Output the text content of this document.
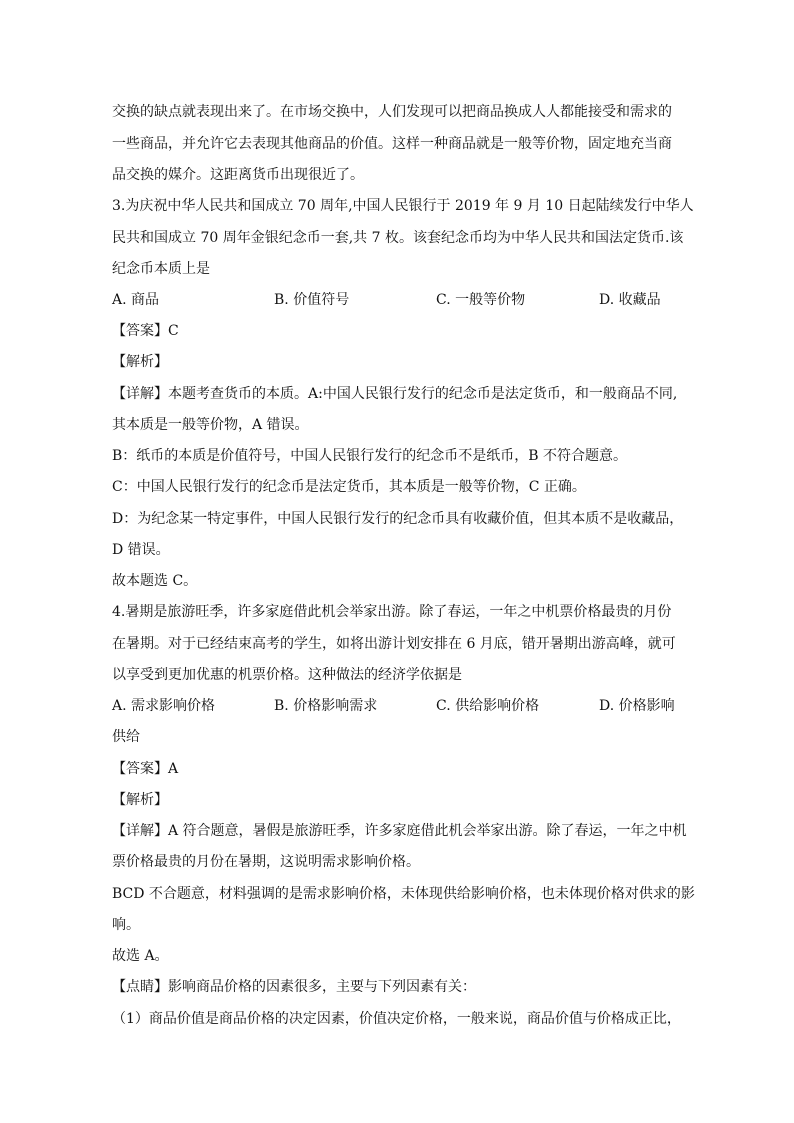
交换的缺点就表现出来了。在市场交换中，人们发现可以把商品换成人人都能接受和需求的
一些商品，并允许它去表现其他商品的价值。这样一种商品就是一般等价物，固定地充当商
品交换的媒介。这距离货币出现很近了。
3.为庆祝中华人民共和国成立 70 周年,中国人民银行于 2019 年 9 月 10 日起陆续发行中华人
民共和国成立 70 周年金银纪念币一套,共 7 枚。该套纪念币均为中华人民共和国法定货币.该
纪念币本质上是
A. 商品	B. 价值符号	C. 一般等价物	D. 收藏品
【答案】C
【解析】
【详解】本题考查货币的本质。A:中国人民银行发行的纪念币是法定货币，和一般商品不同,
其本质是一般等价物，A 错误。
B：纸币的本质是价值符号，中国人民银行发行的纪念币不是纸币，B 不符合题意。
C：中国人民银行发行的纪念币是法定货币，其本质是一般等价物，C 正确。
D：为纪念某一特定事件，中国人民银行发行的纪念币具有收藏价值，但其本质不是收藏品，
D 错误。
故本题选 C。
4.暑期是旅游旺季，许多家庭借此机会举家出游。除了春运，一年之中机票价格最贵的月份
在暑期。对于已经结束高考的学生，如将出游计划安排在 6 月底，错开暑期出游高峰，就可
以享受到更加优惠的机票价格。这种做法的经济学依据是
A. 需求影响价格	B. 价格影响需求	C. 供给影响价格	D. 价格影响
供给
【答案】A
【解析】
【详解】A 符合题意，暑假是旅游旺季，许多家庭借此机会举家出游。除了春运，一年之中机
票价格最贵的月份在暑期，这说明需求影响价格。
BCD 不合题意，材料强调的是需求影响价格，未体现供给影响价格，也未体现价格对供求的影
响。
故选 A。
【点睛】影响商品价格的因素很多，主要与下列因素有关：
（1）商品价值是商品价格的决定因素，价值决定价格，一般来说，商品价值与价格成正比，
